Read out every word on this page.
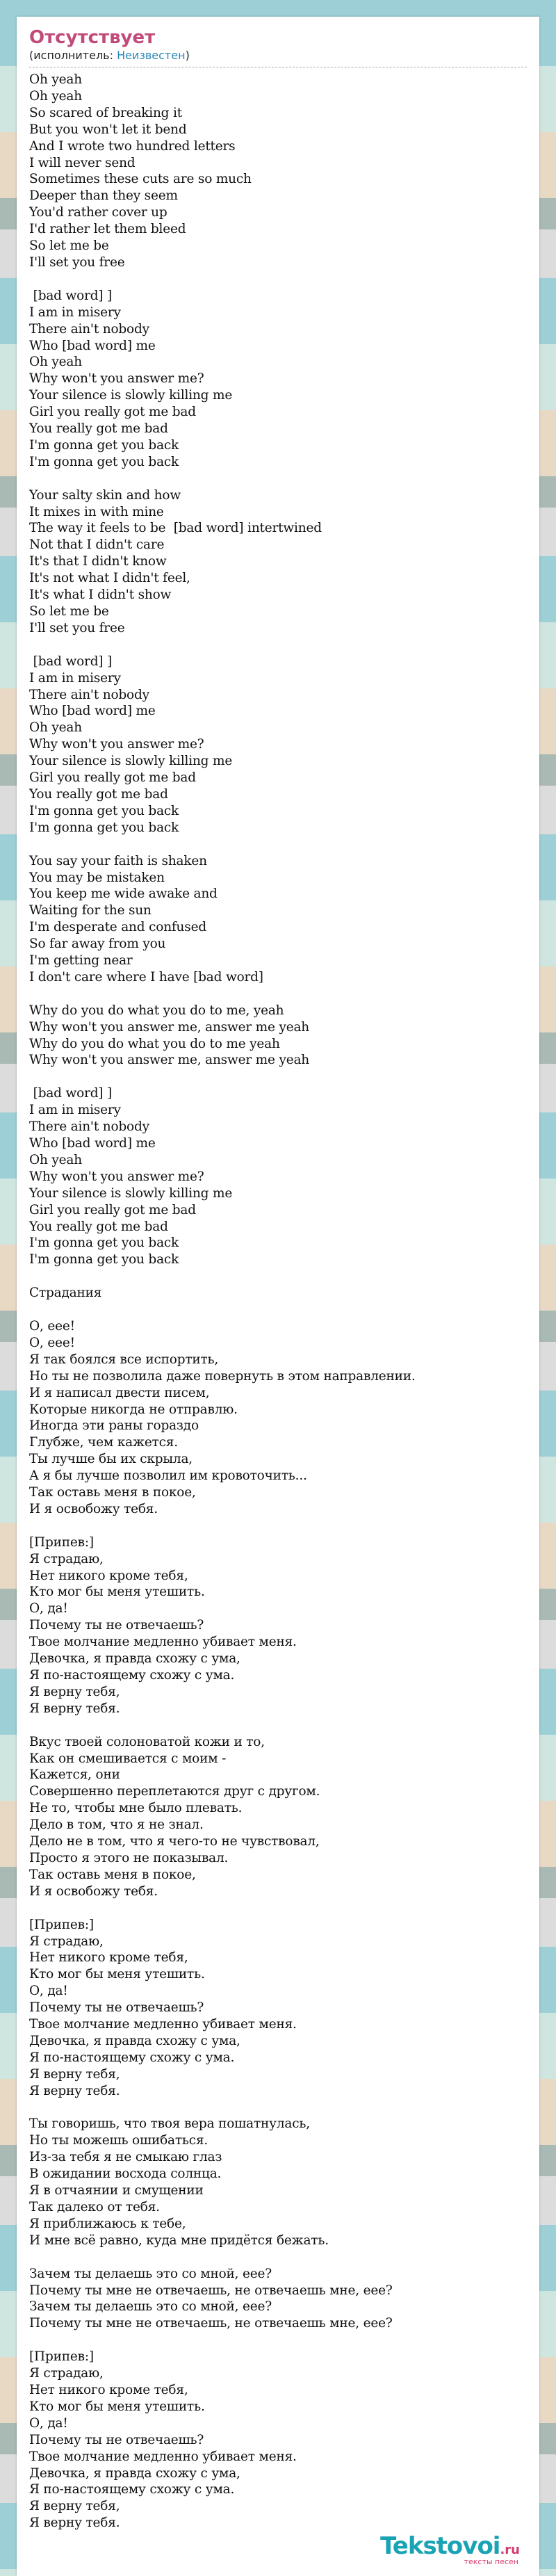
Отсутствует
(исполнитель: Неизвестен)
Oh yeah
Oh yeah
So scared of breaking it
But you won't let it bend
And I wrote two hundred letters
I will never send
Sometimes these cuts are so much
Deeper than they seem
You'd rather cover up
I'd rather let them bleed
So let me be
I'll set you free

[bad word] ]
I am in misery
There ain't nobody
Who [bad word] me
Oh yeah
Why won't you answer me?
Your silence is slowly killing me
Girl you really got me bad
You really got me bad
I'm gonna get you back
I'm gonna get you back

Your salty skin and how
It mixes in with mine
The way it feels to be  [bad word] intertwined
Not that I didn't care
It's that I didn't know
It's not what I didn't feel,
It's what I didn't show
So let me be
I'll set you free

[bad word] ]
I am in misery
There ain't nobody
Who [bad word] me
Oh yeah
Why won't you answer me?
Your silence is slowly killing me
Girl you really got me bad
You really got me bad
I'm gonna get you back
I'm gonna get you back

You say your faith is shaken
You may be mistaken
You keep me wide awake and
Waiting for the sun
I'm desperate and confused
So far away from you
I'm getting near
I don't care where I have [bad word]

Why do you do what you do to me, yeah
Why won't you answer me, answer me yeah
Why do you do what you do to me yeah
Why won't you answer me, answer me yeah

[bad word] ]
I am in misery
There ain't nobody
Who [bad word] me
Oh yeah
Why won't you answer me?
Your silence is slowly killing me
Girl you really got me bad
You really got me bad
I'm gonna get you back
I'm gonna get you back

Страдания

О, еее!
О, еее!
Я так боялся все испортить,
Но ты не позволила даже повернуть в этом направлении.
И я написал двести писем,
Которые никогда не отправлю.
Иногда эти раны гораздо
Глубже, чем кажется.
Ты лучше бы их скрыла,
А я бы лучше позволил им кровоточить...
Так оставь меня в покое,
И я освобожу тебя.

[Припев:]
Я страдаю,
Нет никого кроме тебя,
Кто мог бы меня утешить.
О, да!
Почему ты не отвечаешь?
Твое молчание медленно убивает меня.
Девочка, я правда схожу с ума,
Я по-настоящему схожу с ума.
Я верну тебя,
Я верну тебя.

Вкус твоей солоноватой кожи и то,
Как он смешивается с моим -
Кажется, они
Совершенно переплетаются друг с другом.
Не то, чтобы мне было плевать.
Дело в том, что я не знал.
Дело не в том, что я чего-то не чувствовал,
Просто я этого не показывал.
Так оставь меня в покое,
И я освобожу тебя.

[Припев:]
Я страдаю,
Нет никого кроме тебя,
Кто мог бы меня утешить.
О, да!
Почему ты не отвечаешь?
Твое молчание медленно убивает меня.
Девочка, я правда схожу с ума,
Я по-настоящему схожу с ума.
Я верну тебя,
Я верну тебя.

Ты говоришь, что твоя вера пошатнулась,
Но ты можешь ошибаться.
Из-за тебя я не смыкаю глаз
В ожидании восхода солнца.
Я в отчаянии и смущении
Так далеко от тебя.
Я приближаюсь к тебе,
И мне всё равно, куда мне придётся бежать.

Зачем ты делаешь это со мной, еее?
Почему ты мне не отвечаешь, не отвечаешь мне, еее?
Зачем ты делаешь это со мной, еее?
Почему ты мне не отвечаешь, не отвечаешь мне, еее?

[Припев:]
Я страдаю,
Нет никого кроме тебя,
Кто мог бы меня утешить.
О, да!
Почему ты не отвечаешь?
Твое молчание медленно убивает меня.
Девочка, я правда схожу с ума,
Я по-настоящему схожу с ума.
Я верну тебя,
Я верну тебя.
Tekstovoi.ru
тексты песен
